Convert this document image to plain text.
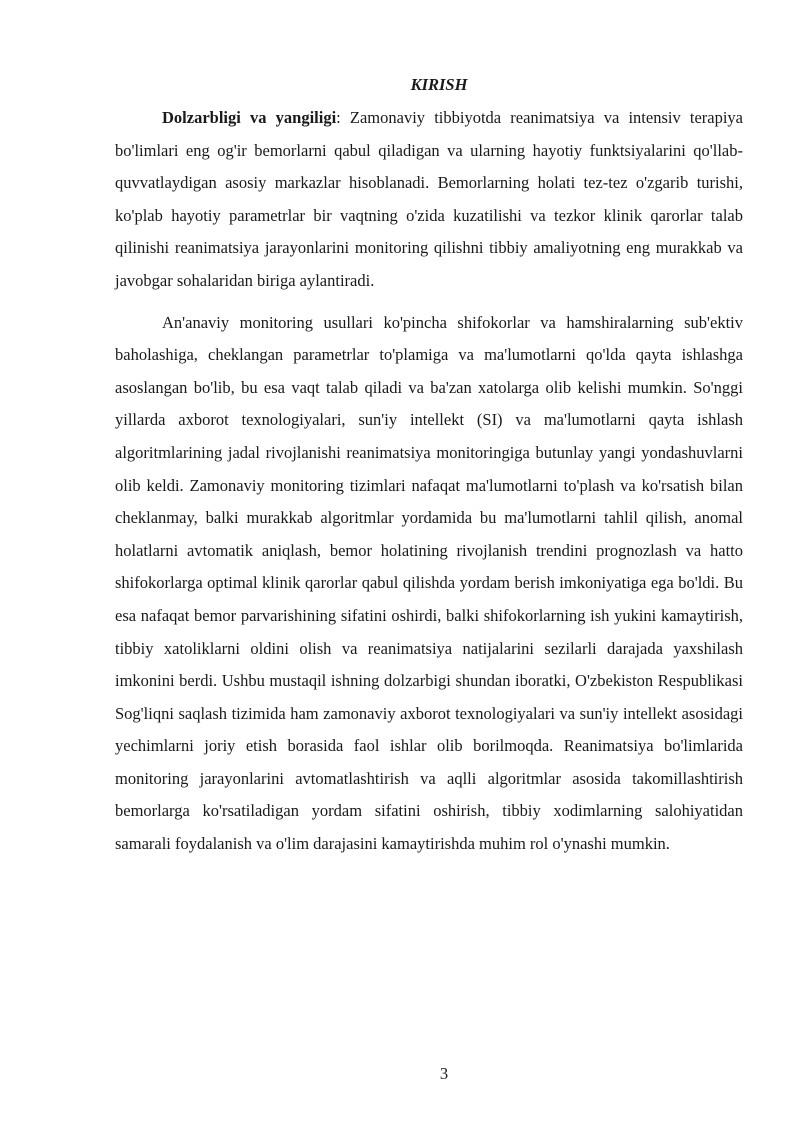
KIRISH

Dolzarbligi va yangiligi: Zamonaviy tibbiyotda reanimatsiya va intensiv terapiya bo'limlari eng og'ir bemorlarni qabul qiladigan va ularning hayotiy funktsiyalarini qo'llab-quvvatlaydigan asosiy markazlar hisoblanadi. Bemorlarning holati tez-tez o'zgarib turishi, ko'plab hayotiy parametrlar bir vaqtning o'zida kuzatilishi va tezkor klinik qarorlar talab qilinishi reanimatsiya jarayonlarini monitoring qilishni tibbiy amaliyotning eng murakkab va javobgar sohalaridan biriga aylantiradi.

An'anaviy monitoring usullari ko'pincha shifokorlar va hamshiralarning sub'ektiv baholashiga, cheklangan parametrlar to'plamiga va ma'lumotlarni qo'lda qayta ishlashga asoslangan bo'lib, bu esa vaqt talab qiladi va ba'zan xatolarga olib kelishi mumkin. So'nggi yillarda axborot texnologiyalari, sun'iy intellekt (SI) va ma'lumotlarni qayta ishlash algoritmlarining jadal rivojlanishi reanimatsiya monitoringiga butunlay yangi yondashuvlarni olib keldi. Zamonaviy monitoring tizimlari nafaqat ma'lumotlarni to'plash va ko'rsatish bilan cheklanmay, balki murakkab algoritmlar yordamida bu ma'lumotlarni tahlil qilish, anomal holatlarni avtomatik aniqlash, bemor holatining rivojlanish trendini prognozlash va hatto shifokorlarga optimal klinik qarorlar qabul qilishda yordam berish imkoniyatiga ega bo'ldi. Bu esa nafaqat bemor parvarishining sifatini oshirdi, balki shifokorlarning ish yukini kamaytirish, tibbiy xatoliklarni oldini olish va reanimatsiya natijalarini sezilarli darajada yaxshilash imkonini berdi. Ushbu mustaqil ishning dolzarbigi shundan iboratki, O'zbekiston Respublikasi Sog'liqni saqlash tizimida ham zamonaviy axborot texnologiyalari va sun'iy intellekt asosidagi yechimlarni joriy etish borasida faol ishlar olib borilmoqda. Reanimatsiya bo'limlarida monitoring jarayonlarini avtomatlashtirish va aqlli algoritmlar asosida takomillashtirish bemorlarga ko'rsatiladigan yordam sifatini oshirish, tibbiy xodimlarning salohiyatidan samarali foydalanish va o'lim darajasini kamaytirishda muhim rol o'ynashi mumkin.

3
